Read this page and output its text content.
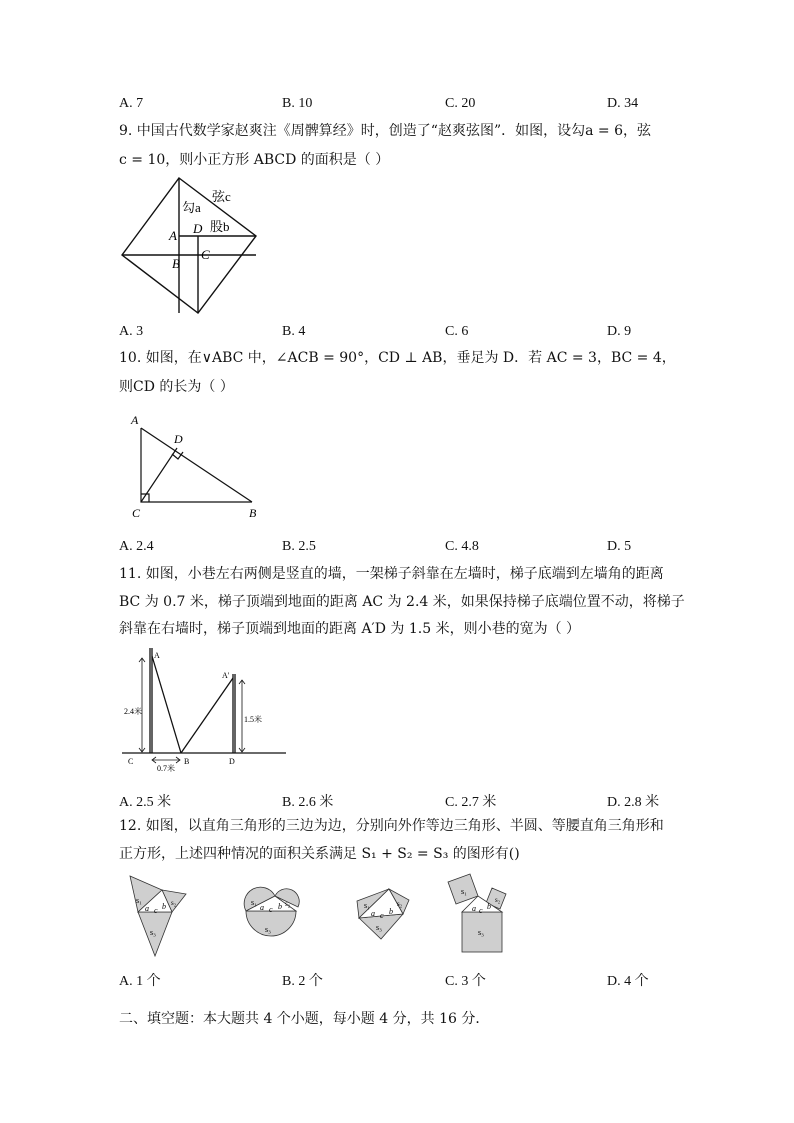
A. 7	B. 10	C. 20	D. 34
9. 中国古代数学家赵爽注《周髀算经》时，创造了“赵爽弦图”．如图，设勾a = 6，弦
c = 10，则小正方形 ABCD 的面积是（ ）
弦c
勾a
股b
A D
B
C
A. 3	B. 4	C. 6	D. 9
10. 如图，在∨ABC 中，∠ACB = 90°，CD ⊥ AB，垂足为 D．若 AC = 3，BC = 4，
则CD 的长为（ ）
A
D
C	B
A. 2.4	B. 2.5	C. 4.8	D. 5
11. 如图，小巷左右两侧是竖直的墙，一架梯子斜靠在左墙时，梯子底端到左墙角的距离
BC 为 0.7 米，梯子顶端到地面的距离 AC 为 2.4 米，如果保持梯子底端位置不动，将梯子
斜靠在右墙时，梯子顶端到地面的距离 A′D 为 1.5 米，则小巷的宽为（ ）
A
A'
2.4米
1.5米
C	B	D
0.7米
A. 2.5 米	B. 2.6 米	C. 2.7 米	D. 2.8 米
12. 如图，以直角三角形的三边为边，分别向外作等边三角形、半圆、等腰直角三角形和
正方形，上述四种情况的面积关系满足 S₁ + S₂ = S₃ 的图形有()
s₁	s₂
s₃
a c b	s₁	s₂
s₃
a c b	s₁	s₂
s₃
a c b
s₁
s₂
s₃
a c b
A. 1 个	B. 2 个	C. 3 个	D. 4 个
二、填空题：本大题共 4 个小题，每小题 4 分，共 16 分．
